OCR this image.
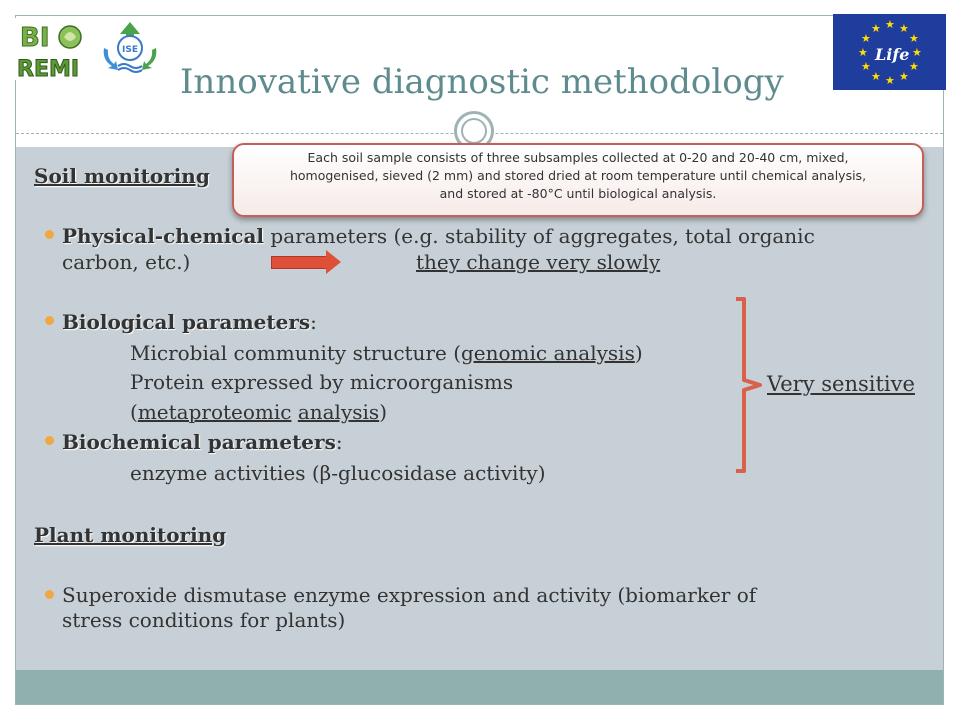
BI
REMI
ISE
★ ★
★
★
★
★
★
★
★
★
★
★
Life
Innovative diagnostic methodology
Soil monitoring
Each soil sample consists of three subsamples collected at 0-20 and 20-40 cm, mixed,
homogenised, sieved (2 mm) and stored dried at room temperature until chemical analysis,
and stored at -80°C until biological analysis.
Physical-chemical parameters (e.g. stability of aggregates, total organic
carbon, etc.)	they change very slowly
Biological parameters:
Microbial community structure (genomic analysis)
Protein expressed by microorganisms
(metaproteomic analysis)
Biochemical parameters:
enzyme activities (β-glucosidase activity)
Very sensitive
Plant monitoring
Superoxide dismutase enzyme expression and activity (biomarker of
stress conditions for plants)
